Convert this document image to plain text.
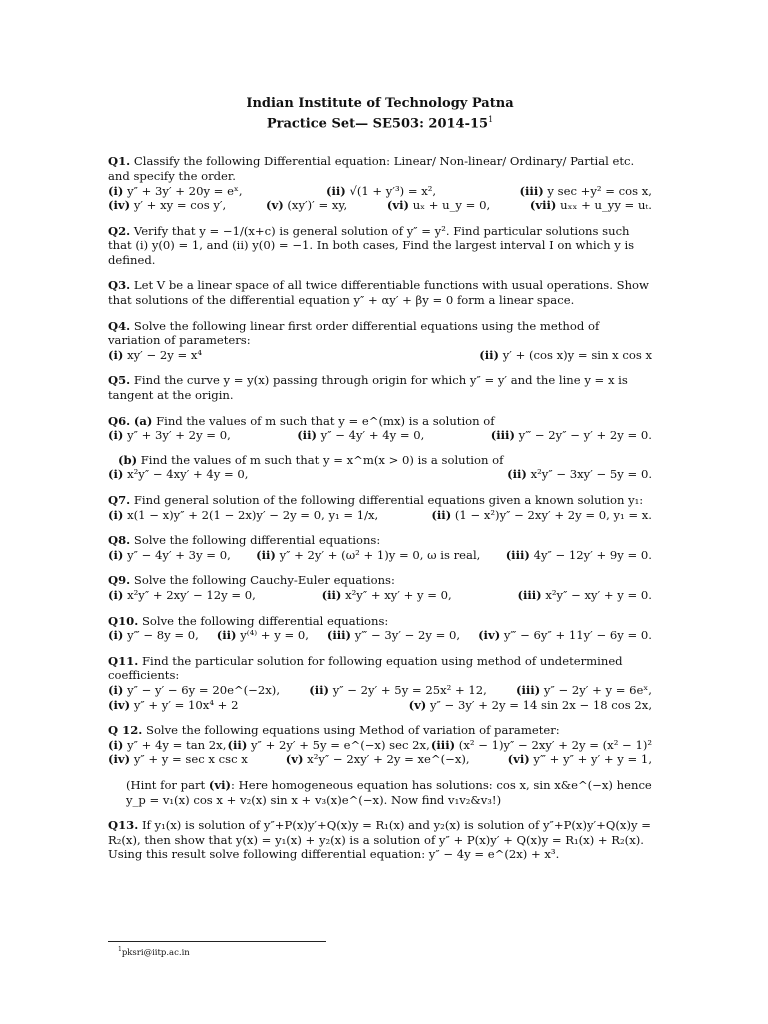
Indian Institute of Technology Patna
Practice Set— SE503: $2014-15^1$
Q1. Classify the following Differential equation: Linear/ Non-linear/ Ordinary/ Partial etc. and specify the order.
(i) y″ + 3y′ + 20y = eˣ,	(ii) √(1 + y′³) = x²,	(iii) y sec +y² = cos x,
(iv) y′ + xy = cos y′,	(v) (xy′)′ = xy,	(vi) uₓ + u_y = 0,	(vii) uₓₓ + u_yy = uₜ.
Q2. Verify that y = −1/(x+c) is general solution of y″ = y². Find particular solutions such that (i) y(0) = 1, and (ii) y(0) = −1. In both cases, Find the largest interval I on which y is defined.
Q3. Let V be a linear space of all twice differentiable functions with usual operations. Show that solutions of the differential equation y″ + αy′ + βy = 0 form a linear space.
Q4. Solve the following linear first order differential equations using the method of variation of parameters:
(i) xy′ − 2y = x⁴	(ii) y′ + (cos x)y = sin x cos x
Q5. Find the curve y = y(x) passing through origin for which y″ = y′ and the line y = x is tangent at the origin.
Q6. (a) Find the values of m such that y = e^(mx) is a solution of
(i) y″ + 3y′ + 2y = 0,	(ii) y″ − 4y′ + 4y = 0,	(iii) y‴ − 2y″ − y′ + 2y = 0.
(b) Find the values of m such that y = x^m(x > 0) is a solution of
(i) x²y″ − 4xy′ + 4y = 0,	(ii) x²y″ − 3xy′ − 5y = 0.
Q7. Find general solution of the following differential equations given a known solution y₁:
(i) x(1 − x)y″ + 2(1 − 2x)y′ − 2y = 0, y₁ = 1/x,	(ii) (1 − x²)y″ − 2xy′ + 2y = 0, y₁ = x.
Q8. Solve the following differential equations:
(i) y″ − 4y′ + 3y = 0, (ii) y″ + 2y′ + (ω² + 1)y = 0, ω is real, (iii) 4y″ − 12y′ + 9y = 0.
Q9. Solve the following Cauchy-Euler equations:
(i) x²y″ + 2xy′ − 12y = 0,	(ii) x²y″ + xy′ + y = 0,	(iii) x²y″ − xy′ + y = 0.
Q10. Solve the following differential equations:
(i) y‴ − 8y = 0, (ii) y⁽⁴⁾ + y = 0, (iii) y‴ − 3y′ − 2y = 0, (iv) y‴ − 6y″ + 11y′ − 6y = 0.
Q11. Find the particular solution for following equation using method of undetermined coefficients:
(i) y″ − y′ − 6y = 20e^(−2x),	(ii) y″ − 2y′ + 5y = 25x² + 12,	(iii) y″ − 2y′ + y = 6eˣ,
(iv) y″ + y′ = 10x⁴ + 2	(v) y″ − 3y′ + 2y = 14 sin 2x − 18 cos 2x,
Q 12. Solve the following equations using Method of variation of parameter:
(i) y″ + 4y = tan 2x, (ii) y″ + 2y′ + 5y = e^(−x) sec 2x, (iii) (x² − 1)y″ − 2xy′ + 2y = (x² − 1)²
(iv) y″ + y = sec x csc x	(v) x²y″ − 2xy′ + 2y = xe^(−x),	(vi) y‴ + y″ + y′ + y = 1,
(Hint for part (vi): Here homogeneous equation has solutions: cos x, sin x&e^(−x) hence y_p = v₁(x) cos x + v₂(x) sin x + v₃(x)e^(−x). Now find v₁v₂&v₃!)
Q13. If y₁(x) is solution of y″+P(x)y′+Q(x)y = R₁(x) and y₂(x) is solution of y″+P(x)y′+Q(x)y = R₂(x), then show that y(x) = y₁(x) + y₂(x) is a solution of y″ + P(x)y′ + Q(x)y = R₁(x) + R₂(x). Using this result solve following differential equation: y″ − 4y = e^(2x) + x³.
$^1$pksri@iitp.ac.in
